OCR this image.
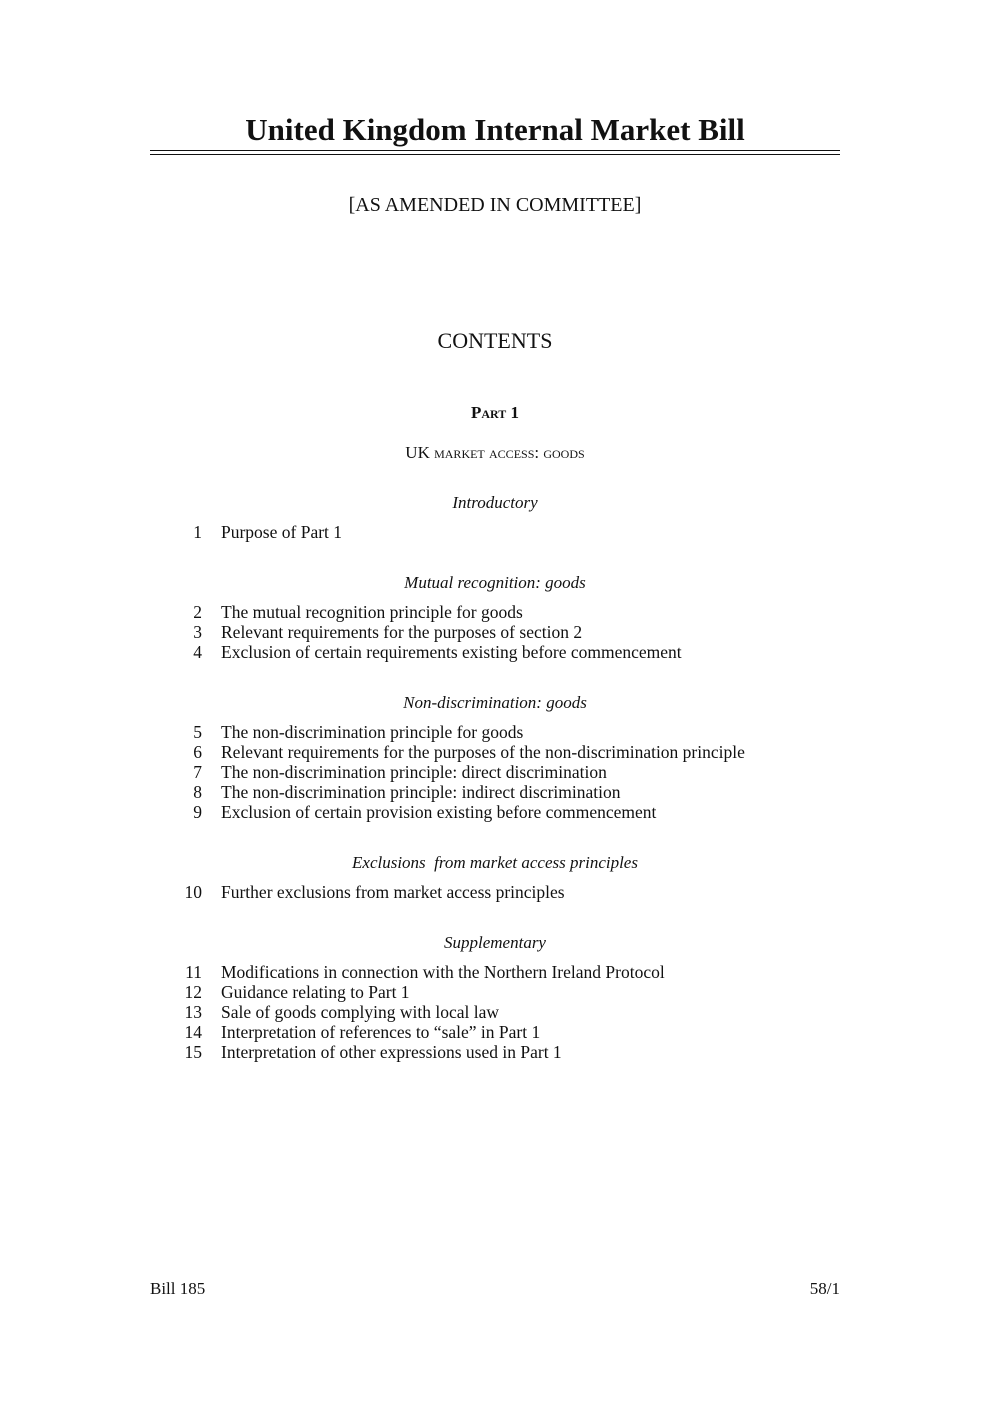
United Kingdom Internal Market Bill
[AS AMENDED IN COMMITTEE]
CONTENTS
Part 1
UK market access: goods
Introductory
1 Purpose of Part 1
Mutual recognition: goods
2 The mutual recognition principle for goods
3 Relevant requirements for the purposes of section 2
4 Exclusion of certain requirements existing before commencement
Non-discrimination: goods
5 The non-discrimination principle for goods
6 Relevant requirements for the purposes of the non-discrimination principle
7 The non-discrimination principle: direct discrimination
8 The non-discrimination principle: indirect discrimination
9 Exclusion of certain provision existing before commencement
Exclusions  from market access principles
10 Further exclusions from market access principles
Supplementary
11 Modifications in connection with the Northern Ireland Protocol
12 Guidance relating to Part 1
13 Sale of goods complying with local law
14 Interpretation of references to “sale” in Part 1
15 Interpretation of other expressions used in Part 1
Bill 185	58/1
